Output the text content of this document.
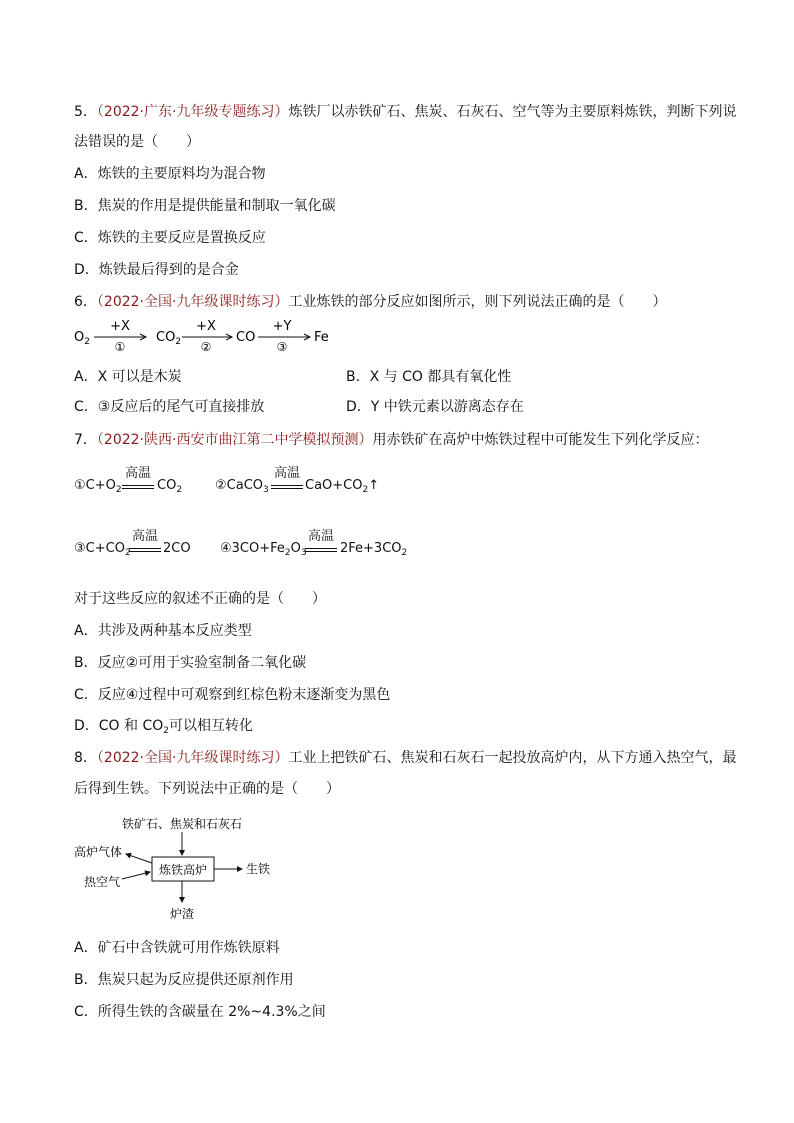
5．（2022·广东·九年级专题练习）炼铁厂以赤铁矿石、焦炭、石灰石、空气等为主要原料炼铁，判断下列说
法错误的是（　　）
A．炼铁的主要原料均为混合物
B．焦炭的作用是提供能量和制取一氧化碳
C．炼铁的主要反应是置换反应
D．炼铁最后得到的是合金
6．（2022·全国·九年级课时练习）工业炼铁的部分反应如图所示，则下列说法正确的是（　　）
$O_2$
+X
①
$CO_2$
+X
②
CO
+Y
③
Fe
A．X 可以是木炭	B．X 与 CO 都具有氧化性
C．③反应后的尾气可直接排放	D．Y 中铁元素以游离态存在
7．（2022·陕西·西安市曲江第二中学模拟预测）用赤铁矿在高炉中炼铁过程中可能发生下列化学反应：
$①C+O_2$
高温
$CO_2$	②CaCO$_3$
高温
$CaO+CO_2↑$
$③C+CO_2$
高温
2CO $④3CO+Fe_2O_3$
高温
$2Fe+3CO_2$
对于这些反应的叙述不正确的是（　　）
A．共涉及两种基本反应类型
B．反应②可用于实验室制备二氧化碳
C．反应④过程中可观察到红棕色粉末逐渐变为黑色
D．CO 和 $CO_2$可以相互转化
8．（2022·全国·九年级课时练习）工业上把铁矿石、焦炭和石灰石一起投放高炉内，从下方通入热空气，最
后得到生铁。下列说法中正确的是（　　）
铁矿石、焦炭和石灰石
炼铁高炉
高炉气体
热空气
生铁
炉渣
A．矿石中含铁就可用作炼铁原料
B．焦炭只起为反应提供还原剂作用
C．所得生铁的含碳量在 2%~4.3%之间
